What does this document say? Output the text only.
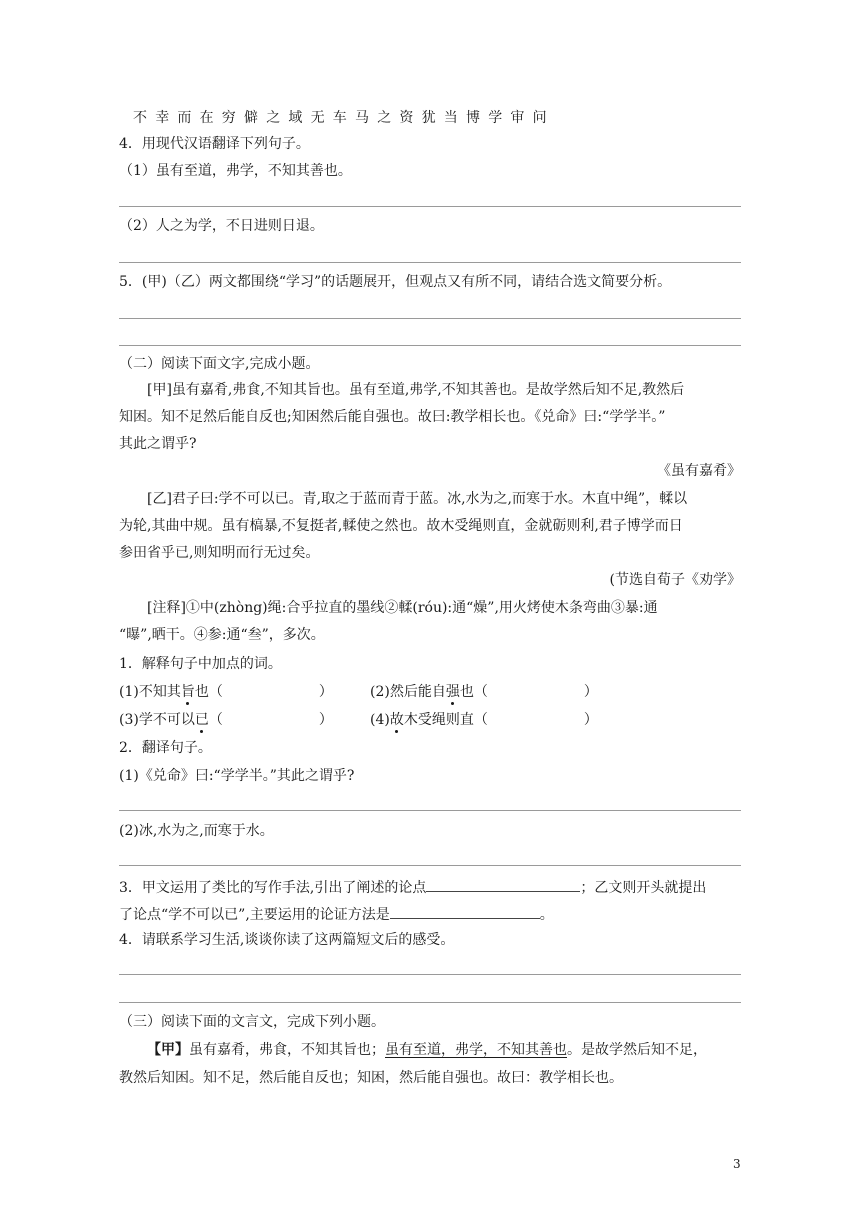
不幸而在穷僻之域无车马之资犹当博学审问
4．用现代汉语翻译下列句子。
（1）虽有至道，弗学，不知其善也。
（2）人之为学，不日进则日退。
5．(甲)（乙）两文都围绕“学习”的话题展开，但观点又有所不同，请结合选文简要分析。
（二）阅读下面文字,完成小题。
[甲]虽有嘉肴,弗食,不知其旨也。虽有至道,弗学,不知其善也。是故学然后知不足,教然后
知困。知不足然后能自反也;知困然后能自强也。故曰:教学相长也。《兑命》曰:“学学半。”
其此之谓乎?
《虽有嘉肴》
[乙]君子曰:学不可以已。青,取之于蓝而青于蓝。冰,水为之,而寒于水。木直中绳”，輮以
为轮,其曲中规。虽有槁暴,不复挺者,輮使之然也。故木受绳则直，金就砺则利,君子博学而日
参田省乎已,则知明而行无过矣。
(节选自荀子《劝学》
[注释]①中(zhòng)绳:合乎拉直的墨线②輮(róu):通“燥”,用火烤使木条弯曲③暴:通
“曝”,晒干。④参:通“叁”，多次。
1．解释句子中加点的词。
(1)不知其旨也（	）	(2)然后能自强也（	）
(3)学不可以已（	）	(4)故木受绳则直（	）
2．翻译句子。
(1)《兑命》曰:“学学半。”其此之谓乎?
(2)冰,水为之,而寒于水。
3．甲文运用了类比的写作手法,引出了阐述的论点	；乙文则开头就提出
了论点“学不可以已”,主要运用的论证方法是	。
4．请联系学习生活,谈谈你读了这两篇短文后的感受。
（三）阅读下面的文言文，完成下列小题。
【甲】虽有嘉肴，弗食，不知其旨也；虽有至道，弗学，不知其善也。是故学然后知不足，
教然后知困。知不足，然后能自反也；知困，然后能自强也。故曰：教学相长也。
3
